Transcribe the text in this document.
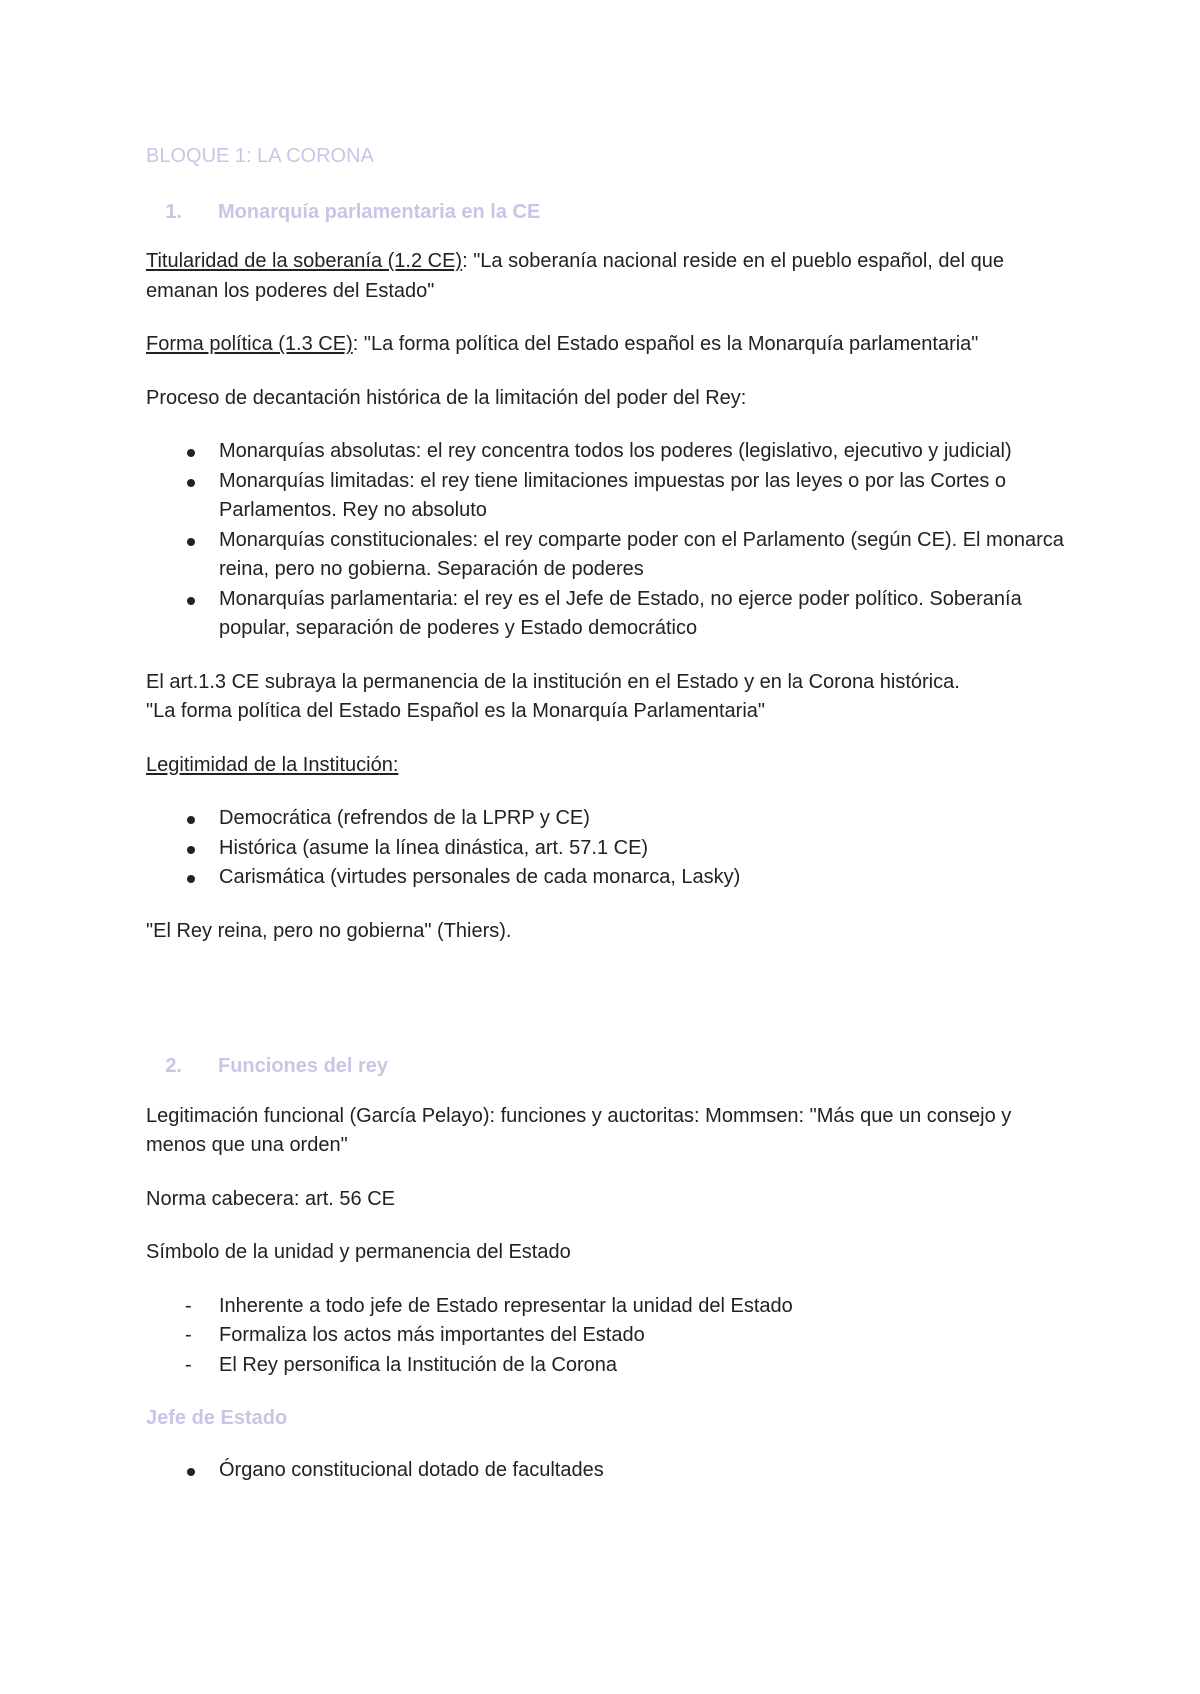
BLOQUE 1: LA CORONA
1.	Monarquía parlamentaria en la CE

Titularidad de la soberanía (1.2 CE): "La soberanía nacional reside en el pueblo español, del que emanan los poderes del Estado"

Forma política (1.3 CE): "La forma política del Estado español es la Monarquía parlamentaria"

Proceso de decantación histórica de la limitación del poder del Rey:

Monarquías absolutas: el rey concentra todos los poderes (legislativo, ejecutivo y judicial)
Monarquías limitadas: el rey tiene limitaciones impuestas por las leyes o por las Cortes o Parlamentos. Rey no absoluto
Monarquías constitucionales: el rey comparte poder con el Parlamento (según CE). El monarca reina, pero no gobierna. Separación de poderes
Monarquías parlamentaria: el rey es el Jefe de Estado, no ejerce poder político. Soberanía popular, separación de poderes y Estado democrático

El art.1.3 CE subraya la permanencia de la institución en el Estado y en la Corona histórica.
"La forma política del Estado Español es la Monarquía Parlamentaria"

Legitimidad de la Institución:

Democrática (refrendos de la LPRP y CE)
Histórica (asume la línea dinástica, art. 57.1 CE)
Carismática (virtudes personales de cada monarca, Lasky)

"El Rey reina, pero no gobierna" (Thiers).

2.	Funciones del rey

Legitimación funcional (García Pelayo): funciones y auctoritas: Mommsen: "Más que un consejo y menos que una orden"

Norma cabecera: art. 56 CE

Símbolo de la unidad y permanencia del Estado

- Inherente a todo jefe de Estado representar la unidad del Estado
- Formaliza los actos más importantes del Estado
- El Rey personifica la Institución de la Corona
Jefe de Estado
Órgano constitucional dotado de facultades
